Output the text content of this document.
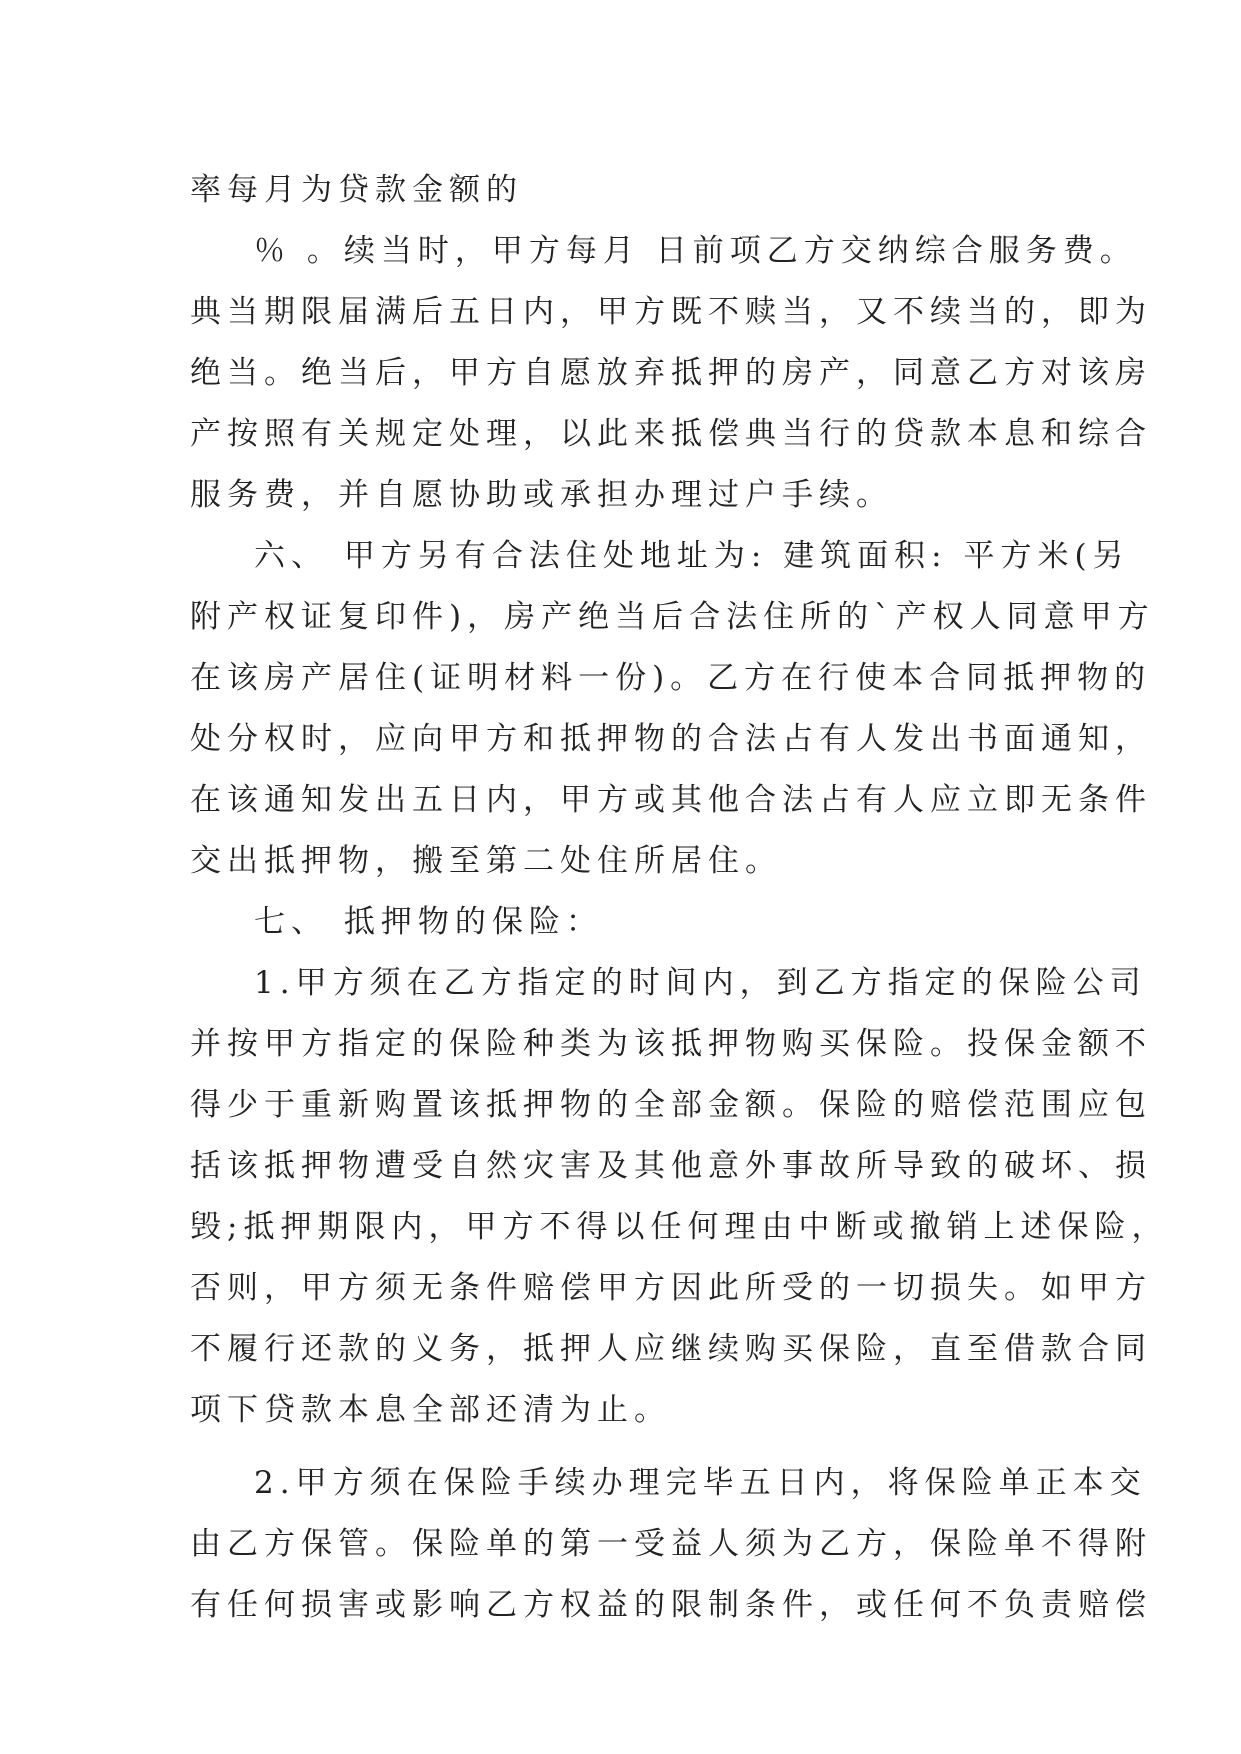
率每月为贷款金额的
％ 。续当时，甲方每月 日前项乙方交纳综合服务费。
典当期限届满后五日内，甲方既不赎当，又不续当的，即为
绝当。绝当后，甲方自愿放弃抵押的房产，同意乙方对该房
产按照有关规定处理，以此来抵偿典当行的贷款本息和综合
服务费，并自愿协助或承担办理过户手续。
六、 甲方另有合法住处地址为: 建筑面积: 平方米(另
附产权证复印件)，房产绝当后合法住所的`产权人同意甲方
在该房产居住(证明材料一份)。乙方在行使本合同抵押物的
处分权时，应向甲方和抵押物的合法占有人发出书面通知，
在该通知发出五日内，甲方或其他合法占有人应立即无条件
交出抵押物，搬至第二处住所居住。
七、 抵押物的保险：
1.甲方须在乙方指定的时间内，到乙方指定的保险公司
并按甲方指定的保险种类为该抵押物购买保险。投保金额不
得少于重新购置该抵押物的全部金额。保险的赔偿范围应包
括该抵押物遭受自然灾害及其他意外事故所导致的破坏、损
毁;抵押期限内，甲方不得以任何理由中断或撤销上述保险，
否则，甲方须无条件赔偿甲方因此所受的一切损失。如甲方
不履行还款的义务，抵押人应继续购买保险，直至借款合同
项下贷款本息全部还清为止。
2.甲方须在保险手续办理完毕五日内，将保险单正本交
由乙方保管。保险单的第一受益人须为乙方，保险单不得附
有任何损害或影响乙方权益的限制条件，或任何不负责赔偿
